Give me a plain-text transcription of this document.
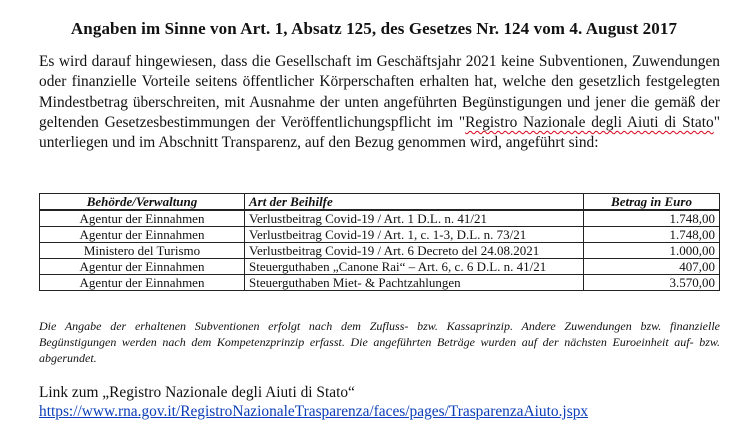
Angaben im Sinne von Art. 1, Absatz 125, des Gesetzes Nr. 124 vom 4. August 2017

Es wird darauf hingewiesen, dass die Gesellschaft im Geschäftsjahr 2021 keine Subventionen, Zuwendungen oder finanzielle Vorteile seitens öffentlicher Körperschaften erhalten hat, welche den gesetzlich festgelegten Mindestbetrag überschreiten, mit Ausnahme der unten angeführten Begünstigungen und jener die gemäß der geltenden Gesetzesbestimmungen der Veröffentlichungspflicht im "Registro Nazionale degli Aiuti di Stato" unterliegen und im Abschnitt Transparenz, auf den Bezug genommen wird, angeführt sind:

Behörde/Verwaltung	Art der Beihilfe	Betrag in Euro
Agentur der Einnahmen	Verlustbeitrag Covid-19 / Art. 1 D.L. n. 41/21	1.748,00
Agentur der Einnahmen	Verlustbeitrag Covid-19 / Art. 1, c. 1-3, D.L. n. 73/21	1.748,00
Ministero del Turismo	Verlustbeitrag Covid-19 / Art. 6 Decreto del 24.08.2021	1.000,00
Agentur der Einnahmen	Steuerguthaben „Canone Rai“ – Art. 6, c. 6 D.L. n. 41/21	407,00
Agentur der Einnahmen	Steuerguthaben Miet- & Pachtzahlungen	3.570,00

Die Angabe der erhaltenen Subventionen erfolgt nach dem Zufluss- bzw. Kassaprinzip. Andere Zuwendungen bzw. finanzielle Begünstigungen werden nach dem Kompetenzprinzip erfasst. Die angeführten Beträge wurden auf der nächsten Euroeinheit auf- bzw. abgerundet.

Link zum „Registro Nazionale degli Aiuti di Stato“
https://www.rna.gov.it/RegistroNazionaleTrasparenza/faces/pages/TrasparenzaAiuto.jspx
